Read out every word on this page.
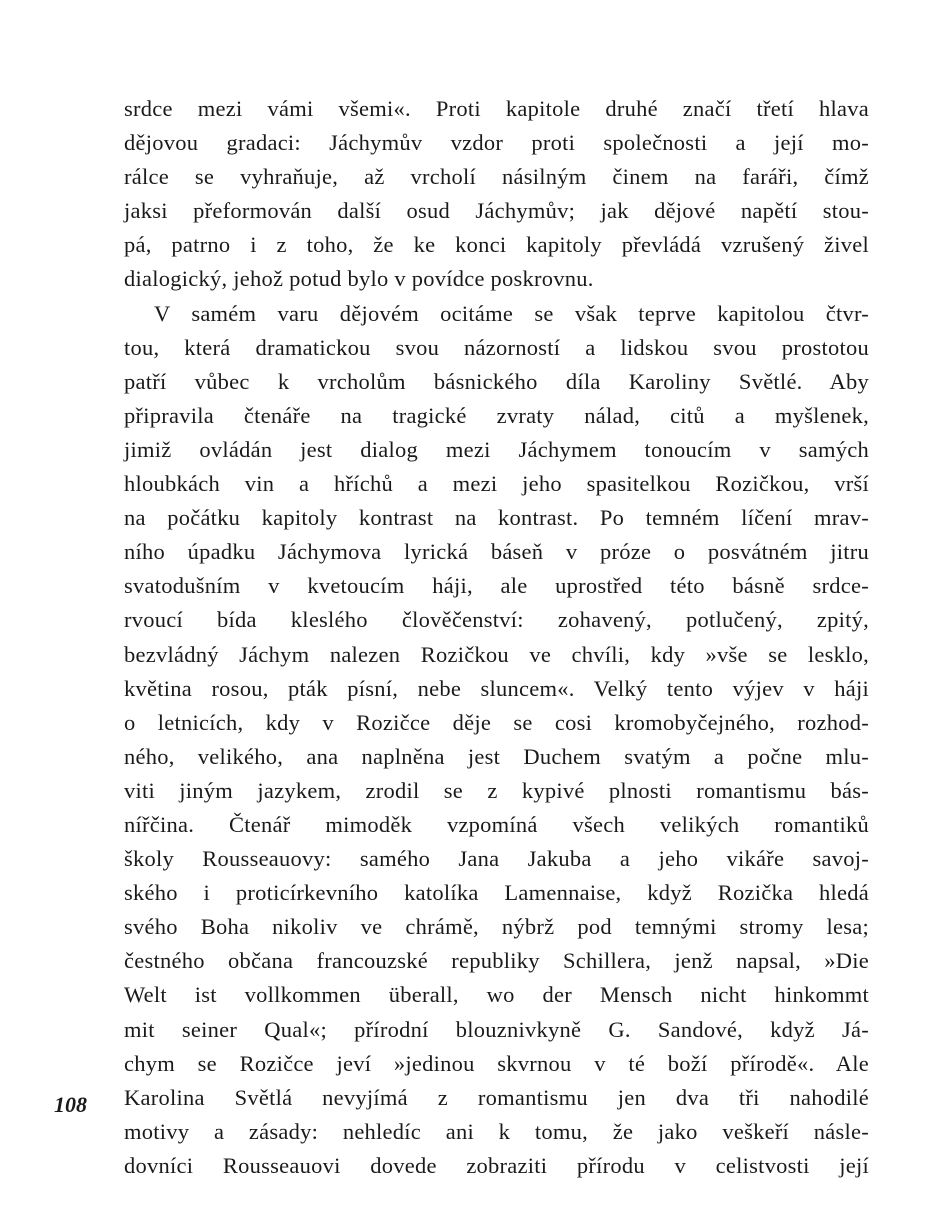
srdce mezi vámi všemi«. Proti kapitole druhé značí třetí hlava
dějovou gradaci: Jáchymův vzdor proti společnosti a její mo-
rálce se vyhraňuje, až vrcholí násilným činem na faráři, čímž
jaksi přeformován další osud Jáchymův; jak dějové napětí stou-
pá, patrno i z toho, že ke konci kapitoly převládá vzrušený živel
dialogický, jehož potud bylo v povídce poskrovnu.
V samém varu dějovém ocitáme se však teprve kapitolou čtvr-
tou, která dramatickou svou názorností a lidskou svou prostotou
patří vůbec k vrcholům básnického díla Karoliny Světlé. Aby
připravila čtenáře na tragické zvraty nálad, citů a myšlenek,
jimiž ovládán jest dialog mezi Jáchymem tonoucím v samých
hloubkách vin a hříchů a mezi jeho spasitelkou Rozičkou, vrší
na počátku kapitoly kontrast na kontrast. Po temném líčení mrav-
ního úpadku Jáchymova lyrická báseň v próze o posvátném jitru
svatodušním v kvetoucím háji, ale uprostřed této básně srdce-
rvoucí bída klesléhо člověčenství: zohavený, potlučený, zpitý,
bezvládný Jáchym nalezen Rozičkou ve chvíli, kdy »vše se lesklo,
květina rosou, pták písní, nebe sluncem«. Velký tento výjev v háji
o letnicích, kdy v Rozičce děje se cosi kromobyčejného, rozhod-
ného, velikého, ana naplněna jest Duchem svatým a počne mlu-
viti jiným jazykem, zrodil se z kypivé plnosti romantismu bás-
nířčina. Čtenář mimoděk vzpomíná všech velikých romantiků
školy Rousseauovy: samého Jana Jakuba a jeho vikáře savoj-
ského i proticírkevního katolíka Lamennaise, když Rozička hledá
svého Boha nikoliv ve chrámě, nýbrž pod temnými stromy lesa;
čestného občana francouzské republiky Schillera, jenž napsal, »Die
Welt ist vollkommen überall, wo der Mensch nicht hinkommt
mit seiner Qual«; přírodní blouznivkyně G. Sandové, když Já-
chym se Rozičce jeví »jedinou skvrnou v té boží přírodě«. Ale
Karolina Světlá nevyjímá z romantismu jen dva tři nahodilé
motivy a zásady: nehledíc ani k tomu, že jako veškeří násle-
dovníci Rousseauovi dovede zobraziti přírodu v celistvosti její
108
